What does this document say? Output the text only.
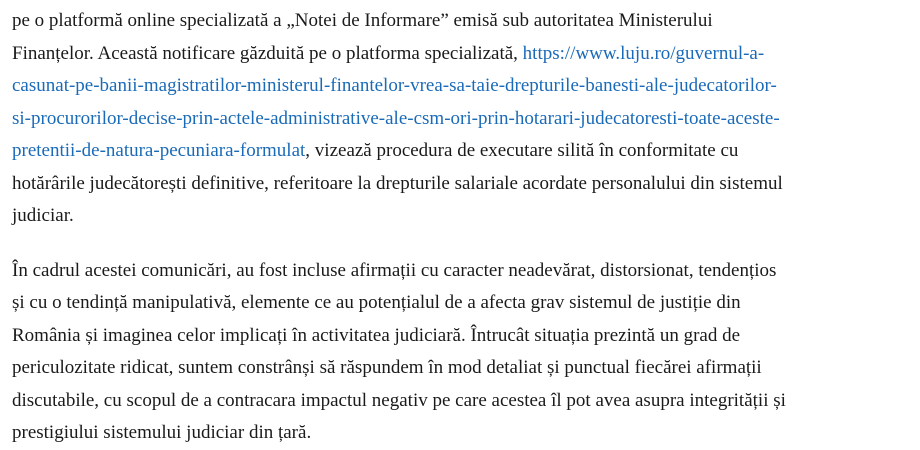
pe o platformă online specializată a „Notei de Informare” emisă sub autoritatea Ministerului
Finanțelor. Această notificare găzduită pe o platforma specializată, https://www.luju.ro/guvernul-a-
casunat-pe-banii-magistratilor-ministerul-finantelor-vrea-sa-taie-drepturile-banesti-ale-judecatorilor-
si-procurorilor-decise-prin-actele-administrative-ale-csm-ori-prin-hotarari-judecatoresti-toate-aceste-
pretentii-de-natura-pecuniara-formulat, vizează procedura de executare silită în conformitate cu
hotărârile judecătorești definitive, referitoare la drepturile salariale acordate personalului din sistemul
judiciar.

În cadrul acestei comunicări, au fost incluse afirmații cu caracter neadevărat, distorsionat, tendențios
și cu o tendință manipulativă, elemente ce au potențialul de a afecta grav sistemul de justiție din
România și imaginea celor implicați în activitatea judiciară. Întrucât situația prezintă un grad de
periculozitate ridicat, suntem constrânși să răspundem în mod detaliat și punctual fiecărei afirmații
discutabile, cu scopul de a contracara impactul negativ pe care acestea îl pot avea asupra integrității și
prestigiului sistemului judiciar din țară.
